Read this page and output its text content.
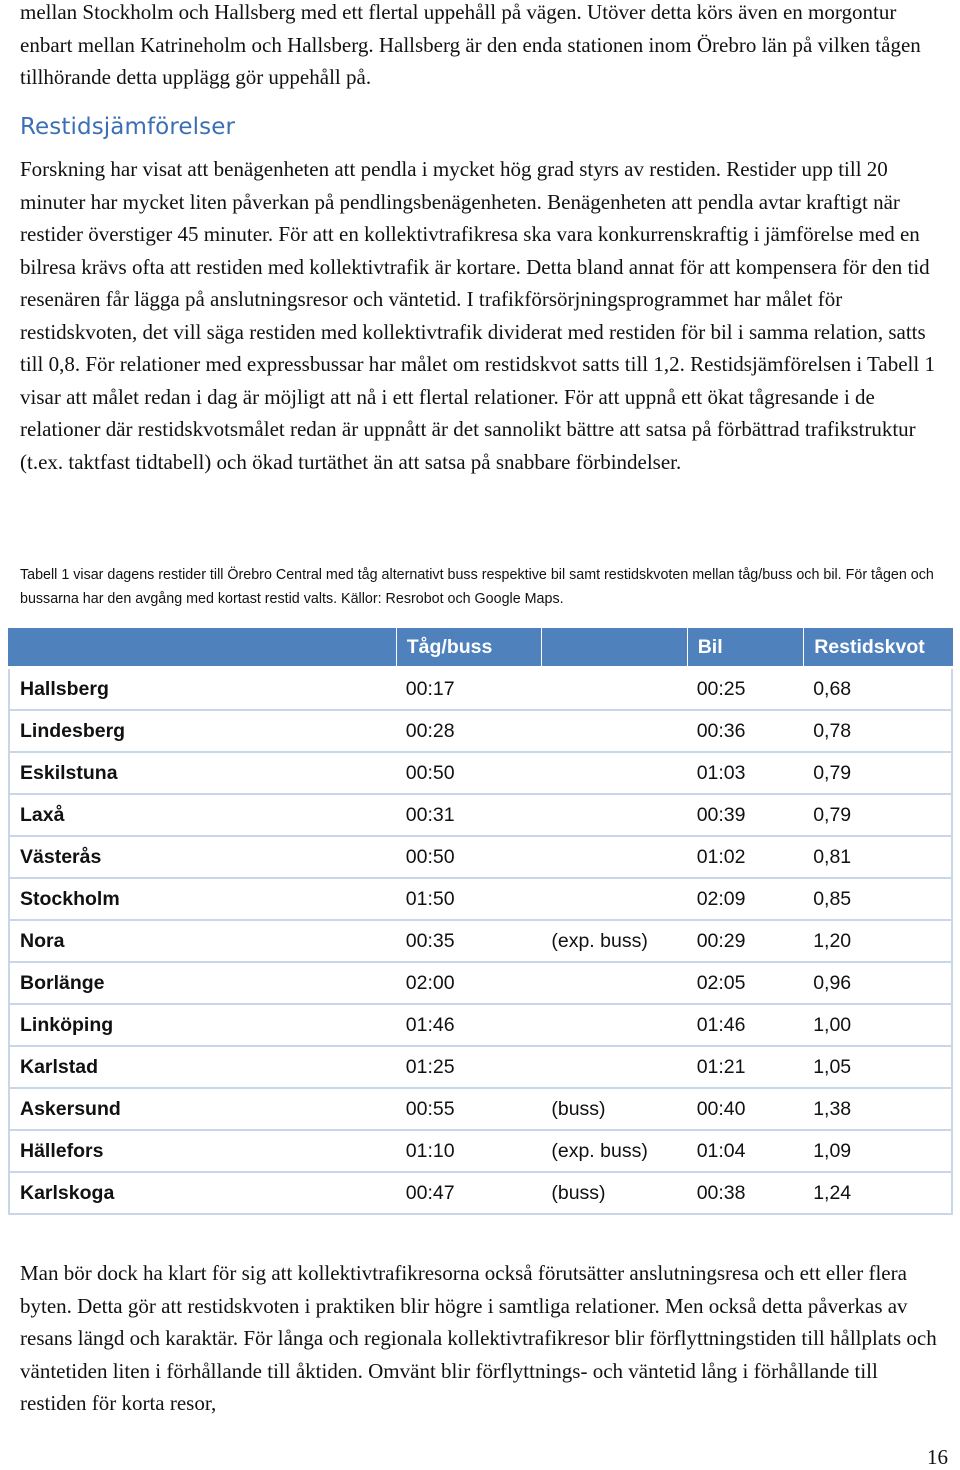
mellan Stockholm och Hallsberg med ett flertal uppehåll på vägen. Utöver detta körs även en morgontur enbart mellan Katrineholm och Hallsberg. Hallsberg är den enda stationen inom Örebro län på vilken tågen tillhörande detta upplägg gör uppehåll på.

Restidsjämförelser

Forskning har visat att benägenheten att pendla i mycket hög grad styrs av restiden. Restider upp till 20 minuter har mycket liten påverkan på pendlingsbenägenheten. Benägenheten att pendla avtar kraftigt när restider överstiger 45 minuter. För att en kollektivtrafikresa ska vara konkurrenskraftig i jämförelse med en bilresa krävs ofta att restiden med kollektivtrafik är kortare. Detta bland annat för att kompensera för den tid resenären får lägga på anslutningsresor och väntetid. I trafikförsörjningsprogrammet har målet för restidskvoten, det vill säga restiden med kollektivtrafik dividerat med restiden för bil i samma relation, satts till 0,8. För relationer med expressbussar har målet om restidskvot satts till 1,2. Restidsjämförelsen i Tabell 1 visar att målet redan i dag är möjligt att nå i ett flertal relationer. För att uppnå ett ökat tågresande i de relationer där restidskvotsmålet redan är uppnått är det sannolikt bättre att satsa på förbättrad trafikstruktur (t.ex. taktfast tidtabell) och ökad turtäthet än att satsa på snabbare förbindelser.

Tabell 1 visar dagens restider till Örebro Central med tåg alternativt buss respektive bil samt restidskvoten mellan tåg/buss och bil. För tågen och bussarna har den avgång med kortast restid valts. Källor: Resrobot och Google Maps.

	Tåg/buss		Bil	Restidskvot
Hallsberg	00:17		00:25	0,68
Lindesberg	00:28		00:36	0,78
Eskilstuna	00:50		01:03	0,79
Laxå	00:31		00:39	0,79
Västerås	00:50		01:02	0,81
Stockholm	01:50		02:09	0,85
Nora	00:35	(exp. buss)	00:29	1,20
Borlänge	02:00		02:05	0,96
Linköping	01:46		01:46	1,00
Karlstad	01:25		01:21	1,05
Askersund	00:55	(buss)	00:40	1,38
Hällefors	01:10	(exp. buss)	01:04	1,09
Karlskoga	00:47	(buss)	00:38	1,24

Man bör dock ha klart för sig att kollektivtrafikresorna också förutsätter anslutningsresa och ett eller flera byten. Detta gör att restidskvoten i praktiken blir högre i samtliga relationer. Men också detta påverkas av resans längd och karaktär. För långa och regionala kollektivtrafikresor blir förflyttningstiden till hållplats och väntetiden liten i förhållande till åktiden. Omvänt blir förflyttnings- och väntetid lång i förhållande till restiden för korta resor,

16
